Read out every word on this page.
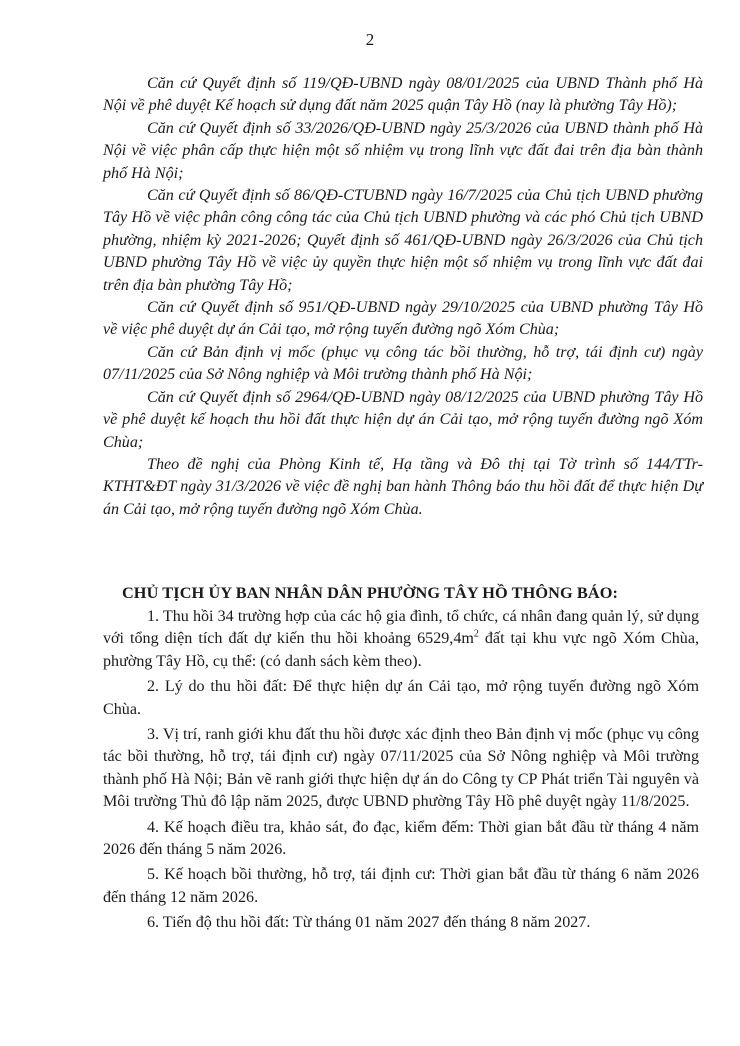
2

Căn cứ Quyết định số 119/QĐ-UBND ngày 08/01/2025 của UBND Thành phố Hà Nội về phê duyệt Kế hoạch sử dụng đất năm 2025 quận Tây Hồ (nay là phường Tây Hồ);

Căn cứ Quyết định số 33/2026/QĐ-UBND ngày 25/3/2026 của UBND thành phố Hà Nội về việc phân cấp thực hiện một số nhiệm vụ trong lĩnh vực đất đai trên địa bàn thành phố Hà Nội;

Căn cứ Quyết định số 86/QĐ-CTUBND ngày 16/7/2025 của Chủ tịch UBND phường Tây Hồ về việc phân công công tác của Chủ tịch UBND phường và các phó Chủ tịch UBND phường, nhiệm kỳ 2021-2026; Quyết định số 461/QĐ-UBND ngày 26/3/2026 của Chủ tịch UBND phường Tây Hồ về việc ủy quyền thực hiện một số nhiệm vụ trong lĩnh vực đất đai trên địa bàn phường Tây Hồ;

Căn cứ Quyết định số 951/QĐ-UBND ngày 29/10/2025 của UBND phường Tây Hồ về việc phê duyệt dự án Cải tạo, mở rộng tuyến đường ngõ Xóm Chùa;

Căn cứ Bản định vị mốc (phục vụ công tác bồi thường, hỗ trợ, tái định cư) ngày 07/11/2025 của Sở Nông nghiệp và Môi trường thành phố Hà Nội;

Căn cứ Quyết định số 2964/QĐ-UBND ngày 08/12/2025 của UBND phường Tây Hồ về phê duyệt kế hoạch thu hồi đất thực hiện dự án Cải tạo, mở rộng tuyến đường ngõ Xóm Chùa;

Theo đề nghị của Phòng Kinh tế, Hạ tầng và Đô thị tại Tờ trình số 144/TTr-KTHT&ĐT ngày 31/3/2026 về việc đề nghị ban hành Thông báo thu hồi đất để thực hiện Dự án Cải tạo, mở rộng tuyến đường ngõ Xóm Chùa.

CHỦ TỊCH ỦY BAN NHÂN DÂN PHƯỜNG TÂY HỒ THÔNG BÁO:

1. Thu hồi 34 trường hợp của các hộ gia đình, tổ chức, cá nhân đang quản lý, sử dụng với tổng diện tích đất dự kiến thu hồi khoảng $6529,4m^2$ đất tại khu vực ngõ Xóm Chùa, phường Tây Hồ, cụ thể: (có danh sách kèm theo).

2. Lý do thu hồi đất: Để thực hiện dự án Cải tạo, mở rộng tuyến đường ngõ Xóm Chùa.

3. Vị trí, ranh giới khu đất thu hồi được xác định theo Bản định vị mốc (phục vụ công tác bồi thường, hỗ trợ, tái định cư) ngày 07/11/2025 của Sở Nông nghiệp và Môi trường thành phố Hà Nội; Bản vẽ ranh giới thực hiện dự án do Công ty CP Phát triển Tài nguyên và Môi trường Thủ đô lập năm 2025, được UBND phường Tây Hồ phê duyệt ngày 11/8/2025.

4. Kế hoạch điều tra, khảo sát, đo đạc, kiểm đếm: Thời gian bắt đầu từ tháng 4 năm 2026 đến tháng 5 năm 2026.

5. Kế hoạch bồi thường, hỗ trợ, tái định cư: Thời gian bắt đầu từ tháng 6 năm 2026 đến tháng 12 năm 2026.

6. Tiến độ thu hồi đất: Từ tháng 01 năm 2027 đến tháng 8 năm 2027.
